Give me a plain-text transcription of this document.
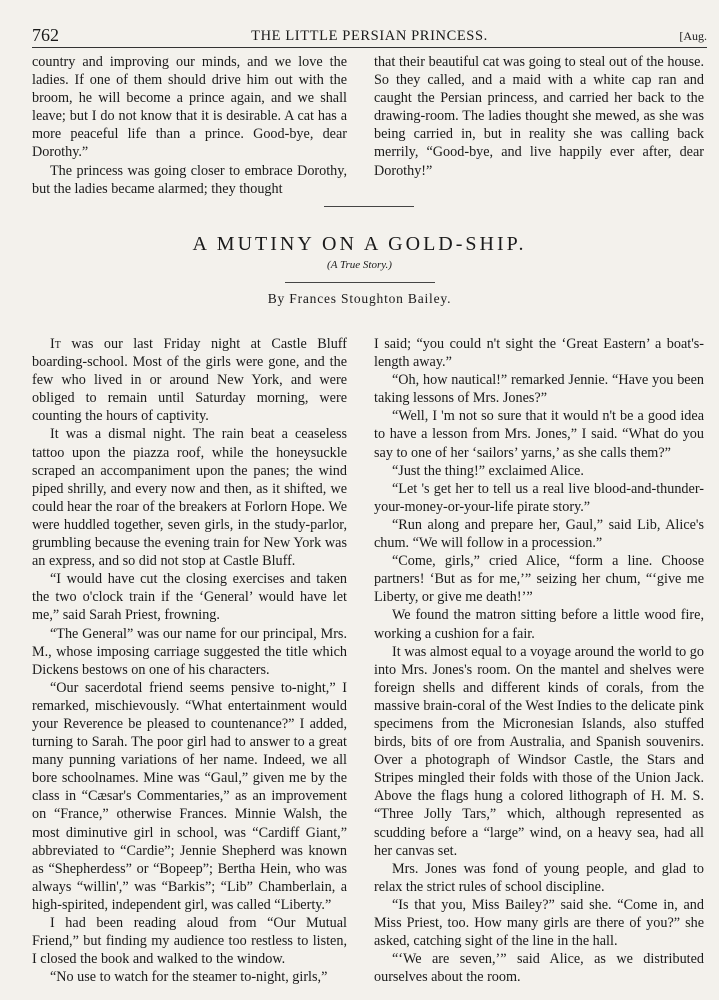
762	THE LITTLE PERSIAN PRINCESS.	[Aug.

country and improving our minds, and we love the ladies. If one of them should drive him out with the broom, he will become a prince again, and we shall leave; but I do not know that it is desirable. A cat has a more peaceful life than a prince. Good-bye, dear Dorothy.”

The princess was going closer to embrace Dorothy, but the ladies became alarmed; they thought

that their beautiful cat was going to steal out of the house. So they called, and a maid with a white cap ran and caught the Persian princess, and carried her back to the drawing-room. The ladies thought she mewed, as she was being carried in, but in reality she was calling back merrily, “Good-bye, and live happily ever after, dear Dorothy!”

A MUTINY ON A GOLD-SHIP.
(A True Story.)
By Frances Stoughton Bailey.

It was our last Friday night at Castle Bluff boarding-school. Most of the girls were gone, and the few who lived in or around New York, and were obliged to remain until Saturday morning, were counting the hours of captivity.

It was a dismal night. The rain beat a ceaseless tattoo upon the piazza roof, while the honeysuckle scraped an accompaniment upon the panes; the wind piped shrilly, and every now and then, as it shifted, we could hear the roar of the breakers at Forlorn Hope. We were huddled together, seven girls, in the study-parlor, grumbling because the evening train for New York was an express, and so did not stop at Castle Bluff.

“I would have cut the closing exercises and taken the two o'clock train if the ‘General’ would have let me,” said Sarah Priest, frowning.

“The General” was our name for our principal, Mrs. M., whose imposing carriage suggested the title which Dickens bestows on one of his characters.

“Our sacerdotal friend seems pensive to-night,” I remarked, mischievously. “What entertainment would your Reverence be pleased to countenance?” I added, turning to Sarah. The poor girl had to answer to a great many punning variations of her name. Indeed, we all bore schoolnames. Mine was “Gaul,” given me by the class in “Cæsar's Commentaries,” as an improvement on “France,” otherwise Frances. Minnie Walsh, the most diminutive girl in school, was “Cardiff Giant,” abbreviated to “Cardie”; Jennie Shepherd was known as “Shepherdess” or “Bopeep”; Bertha Hein, who was always “willin',” was “Barkis”; “Lib” Chamberlain, a high-spirited, independent girl, was called “Liberty.”

I had been reading aloud from “Our Mutual Friend,” but finding my audience too restless to listen, I closed the book and walked to the window.

“No use to watch for the steamer to-night, girls,”

I said; “you could n't sight the ‘Great Eastern’ a boat's-length away.”

“Oh, how nautical!” remarked Jennie. “Have you been taking lessons of Mrs. Jones?”

“Well, I 'm not so sure that it would n't be a good idea to have a lesson from Mrs. Jones,” I said. “What do you say to one of her ‘sailors’ yarns,’ as she calls them?”

“Just the thing!” exclaimed Alice.

“Let 's get her to tell us a real live blood-and-thunder-your-money-or-your-life pirate story.”

“Run along and prepare her, Gaul,” said Lib, Alice's chum. “We will follow in a procession.”

“Come, girls,” cried Alice, “form a line. Choose partners! ‘But as for me,’” seizing her chum, “‘give me Liberty, or give me death!’”

We found the matron sitting before a little wood fire, working a cushion for a fair.

It was almost equal to a voyage around the world to go into Mrs. Jones's room. On the mantel and shelves were foreign shells and different kinds of corals, from the massive brain-coral of the West Indies to the delicate pink specimens from the Micronesian Islands, also stuffed birds, bits of ore from Australia, and Spanish souvenirs. Over a photograph of Windsor Castle, the Stars and Stripes mingled their folds with those of the Union Jack. Above the flags hung a colored lithograph of H. M. S. “Three Jolly Tars,” which, although represented as scudding before a “large” wind, on a heavy sea, had all her canvas set.

Mrs. Jones was fond of young people, and glad to relax the strict rules of school discipline.

“Is that you, Miss Bailey?” said she. “Come in, and Miss Priest, too. How many girls are there of you?” she asked, catching sight of the line in the hall.

“‘We are seven,’” said Alice, as we distributed ourselves about the room.
